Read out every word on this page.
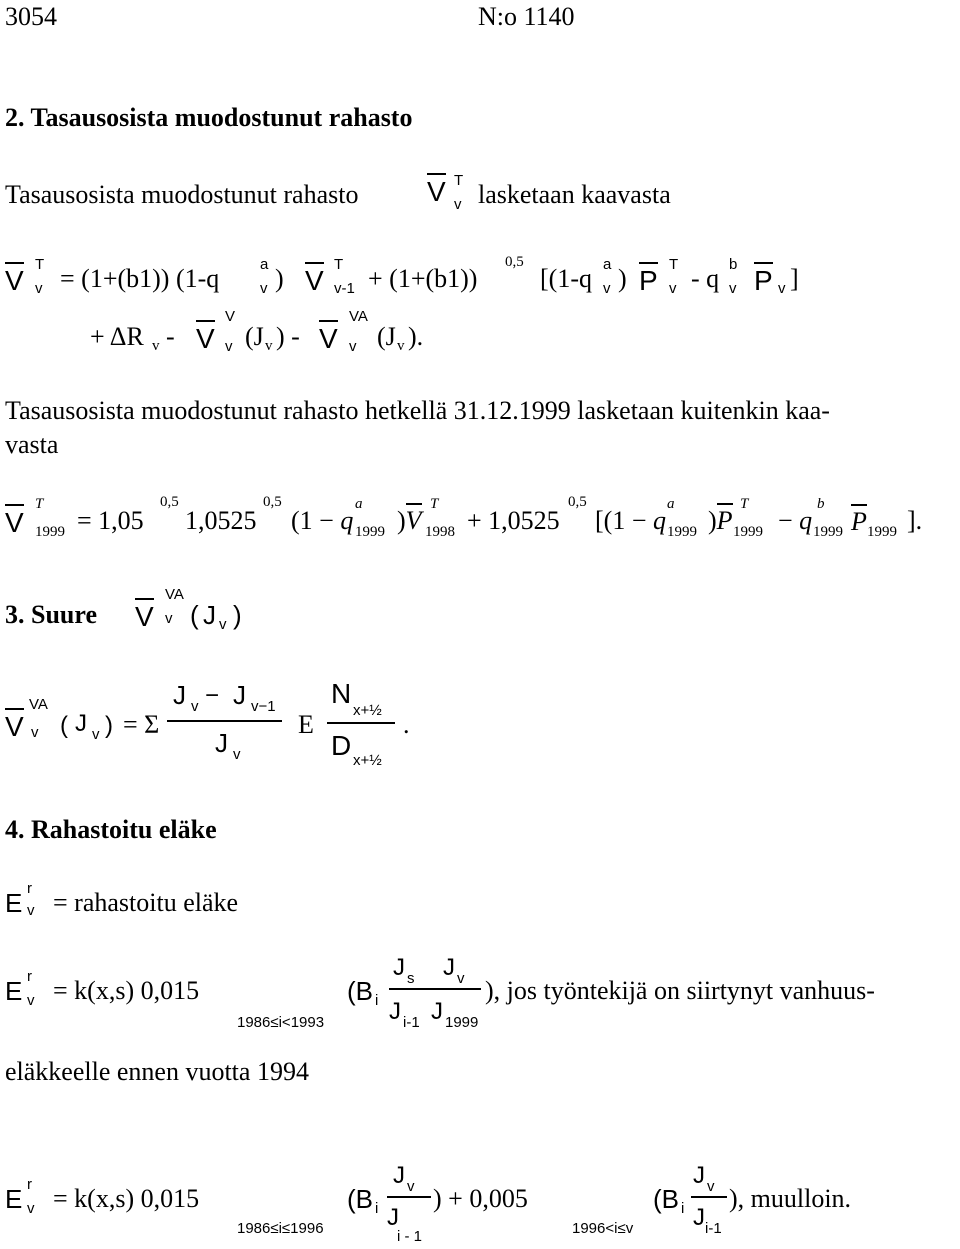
3054	N:o 1140
2. Tasausosista muodostunut rahasto
Tasausosista muodostunut rahasto V T
v lasketaan kaavasta
V
T
v = (1+(b1)) (1-q	a
v ) V
T
v-1 + (1+(b1))
0,5
[(1-q a
v ) P
T
v - q b
v P v ]
+ ΔR v - V
V
v (J v ) - V
VA
v (J v ).
Tasausosista muodostunut rahasto hetkellä 31.12.1999 lasketaan kuitenkin kaa-
vasta
V
T
1999 = 1,05
0,5
1,0525
0,5
(1 − q
a
1999 )V
T
1998 + 1,0525
0,5
[(1 − q
a
1999 )P
T
1999 − q
b
1999 P 1999 ].
3. Suure V
VA
v ( J v )
V
VA
v ( J v ) = Σ
J v − J v−1
J v
E
N
x+½
D x+½
.
4. Rahastoitu eläke
E r
v = rahastoitu eläke
E r
v = k(x,s) 0,015
1986≤i<1993
(B i
J s J v
J i-1 J 1999
), jos työntekijä on siirtynyt vanhuus-
eläkkeelle ennen vuotta 1994
E r
v = k(x,s) 0,015
1986≤i≤1996
(B i
J v
J
i - 1
) + 0,005
1996<i≤v
(B i
J v
J i-1
), muulloin.
